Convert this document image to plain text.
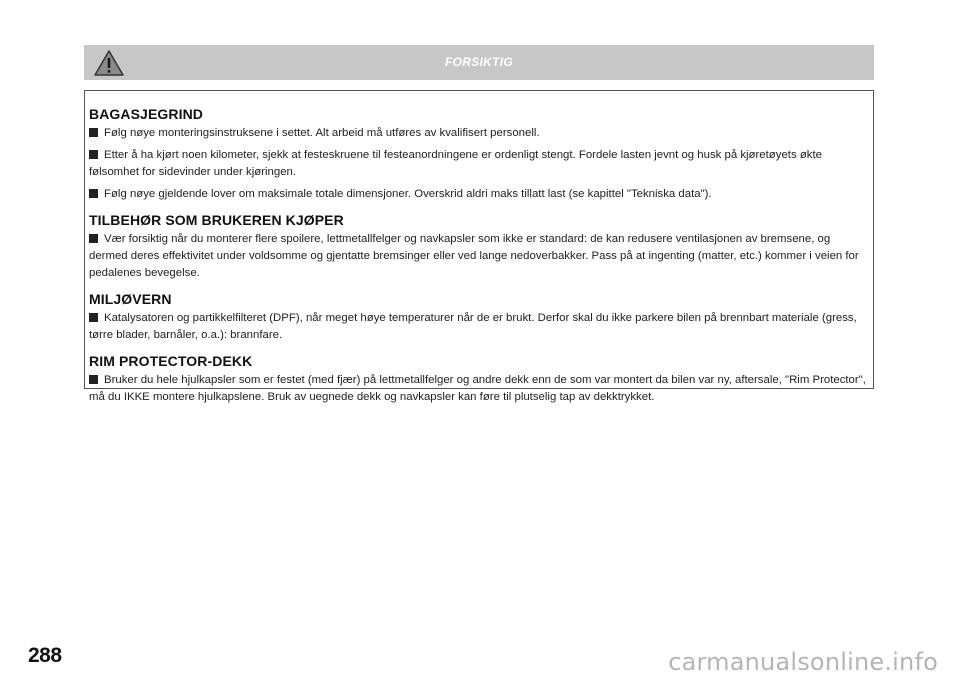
FORSIKTIG
BAGASJEGRIND

Følg nøye monteringsinstruksene i settet. Alt arbeid må utføres av kvalifisert personell.

Etter å ha kjørt noen kilometer, sjekk at festeskruene til festeanordningene er ordenligt stengt. Fordele lasten jevnt og husk på kjøretøyets økte følsomhet for sidevinder under kjøringen.

Følg nøye gjeldende lover om maksimale totale dimensjoner. Overskrid aldri maks tillatt last (se kapittel "Tekniska data").

TILBEHØR SOM BRUKEREN KJØPER

Vær forsiktig når du monterer flere spoilere, lettmetallfelger og navkapsler som ikke er standard: de kan redusere ventilasjonen av bremsene, og dermed deres effektivitet under voldsomme og gjentatte bremsinger eller ved lange nedoverbakker. Pass på at ingenting (matter, etc.) kommer i veien for pedalenes bevegelse.

MILJØVERN

Katalysatoren og partikkelfilteret (DPF), når meget høye temperaturer når de er brukt. Derfor skal du ikke parkere bilen på brennbart materiale (gress, tørre blader, barnåler, o.a.): brannfare.

RIM PROTECTOR-DEKK

Bruker du hele hjulkapsler som er festet (med fjær) på lettmetallfelger og andre dekk enn de som var montert da bilen var ny, aftersale, "Rim Protector", må du IKKE montere hjulkapslene. Bruk av uegnede dekk og navkapsler kan føre til plutselig tap av dekktrykket.

288	carmanualsonline.info
